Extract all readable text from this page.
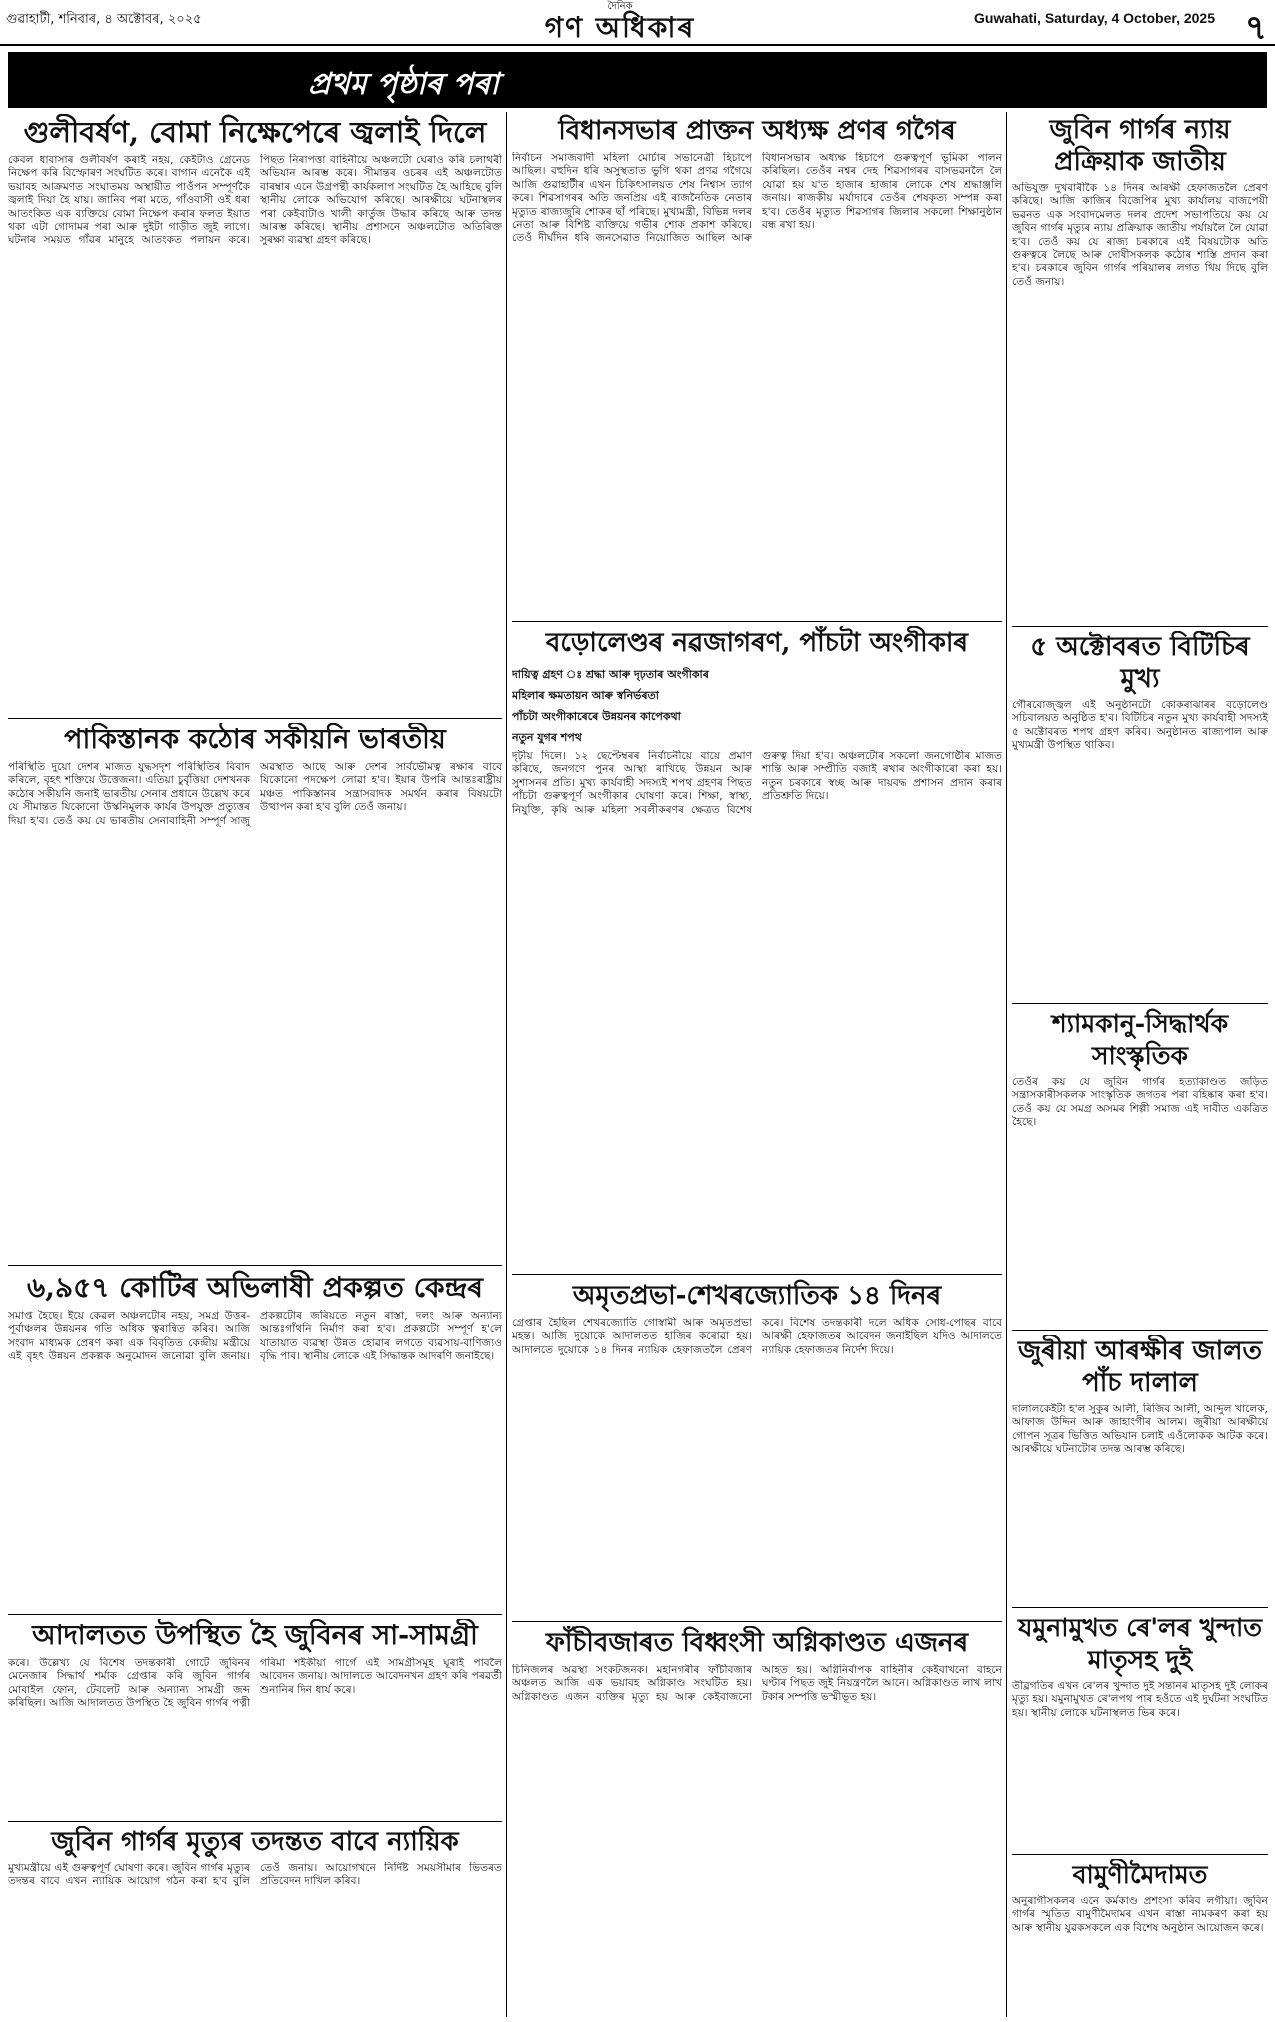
গুৱাহাটী, শনিবাৰ, ৪ অক্টোবৰ, ২০২৫
দৈনিক
গণ অধিকাৰ	Guwahati, Saturday, 4 October, 2025 ৭
প্ৰথম পৃষ্ঠাৰ পৰা
গুলীবৰ্ষণ, বোমা নিক্ষেপেৰে জ্বলাই দিলে
কেবল ধাবাসাৰ গুলীবৰ্ষণ কৰাই নহয়, কেইটাও গ্ৰেনেড নিক্ষেপ কৰি বিস্ফোৰণ সংঘটিত কৰে। বাগান এনেকৈ এই ভয়াবহ আক্ৰমণত সংঘাতময় অস্থায়ীত পাওঁপন সম্পূৰ্ণকৈ জ্বলাই দিয়া হৈ যায়। জানিব পৰা মতে, গাঁওবাসী ওই ধৰা আতংকিত এক ব্যক্তিয়ে বোমা নিক্ষেপ কৰাৰ ফলত ইয়াত থকা এটা গোদামৰ পৰা আৰু দুইটা গাড়ীত জুই লাগে। ঘটনাৰ সময়ত গাঁৱৰ মানুহে আতংকত পলায়ন কৰে। পিছত নিৰাপত্তা বাহিনীয়ে অঞ্চলটো ঘেৰাও কৰি চলাথৰী অভিযান আৰম্ভ কৰে। সীমান্তৰ ওচৰৰ এই অঞ্চলটোত বাৰম্বাৰ এনে উগ্ৰপন্থী কাৰ্যকলাপ সংঘটিত হৈ আহিছে বুলি স্থানীয় লোকে অভিযোগ কৰিছে। আৰক্ষীয়ে ঘটনাস্থলৰ পৰা কেইবাটাও খালী কাৰ্তুজ উদ্ধাৰ কৰিছে আৰু তদন্ত আৰম্ভ কৰিছে। স্থানীয় প্ৰশাসনে অঞ্চলটোত অতিৰিক্ত সুৰক্ষা ব্যৱস্থা গ্ৰহণ কৰিছে।
পাকিস্তানক কঠোৰ সকীয়নি ভাৰতীয়
পৰিস্থিতি দুয়ো দেশৰ মাজত যুদ্ধসদৃশ পৰিস্থিতিৰ বিবাদ কৰিলে, বৃহৎ শক্তিয়ে উত্তেজনা। এতিয়া চুৰ্বৃত্তিয়া দেশখনক কঠোৰ সকীয়নি জনাই ভাৰতীয় সেনাৰ প্ৰধানে উল্লেখ কৰে যে সীমান্তত যিকোনো উস্কনিমূলক কাৰ্যৰ উপযুক্ত প্ৰত্যুত্তৰ দিয়া হ'ব। তেওঁ কয় যে ভাৰতীয় সেনাবাহিনী সম্পূৰ্ণ সাজু অৱস্থাত আছে আৰু দেশৰ সাৰ্বভৌমত্ব ৰক্ষাৰ বাবে যিকোনো পদক্ষেপ লোৱা হ'ব। ইয়াৰ উপৰি আন্তঃৰাষ্ট্ৰীয় মঞ্চত পাকিস্তানৰ সন্ত্ৰাসবাদক সমৰ্থন কৰাৰ বিষয়টো উত্থাপন কৰা হ'ব বুলি তেওঁ জনায়।
৬,৯৫৭ কোটিৰ অভিলাষী প্ৰকল্পত কেন্দ্ৰৰ
সমাপ্ত হৈছে। ইয়ে কেৱল অঞ্চলটোৰ নহয়, সমগ্ৰ উত্তৰ-পূৰ্বাঞ্চলৰ উন্নয়নৰ গতি অধিক ত্বৰান্বিত কৰিব। আজি সংবাদ মাধ্যমক প্ৰেৰণ কৰা এক বিবৃতিত কেন্দ্ৰীয় মন্ত্ৰীয়ে এই বৃহৎ উন্নয়ন প্ৰকল্পক অনুমোদন জনোৱা বুলি জনায়। প্ৰকল্পটোৰ জৰিয়তে নতুন ৰাস্তা, দলং আৰু অন্যান্য আন্তঃগাঁথনি নিৰ্মাণ কৰা হ'ব। প্ৰকল্পটো সম্পূৰ্ণ হ'লে যাতায়াত ব্যৱস্থা উন্নত হোৱাৰ লগতে ব্যৱসায়-বাণিজ্যও বৃদ্ধি পাব। স্থানীয় লোকে এই সিদ্ধান্তক আদৰণি জনাইছে।
আদালতত উপস্থিত হৈ জুবিনৰ সা-সামগ্ৰী
কৰে। উল্লেখ্য যে বিশেষ তদন্তকাৰী গোটে জুবিনৰ মেনেজাৰ সিদ্ধাৰ্থ শৰ্মাক গ্ৰেপ্তাৰ কৰি জুবিন গাৰ্গৰ মোবাইল ফোন, টেবলেট আৰু অন্যান্য সামগ্ৰী জব্দ কৰিছিল। আজি আদালতত উপস্থিত হৈ জুবিন গাৰ্গৰ পত্নী গৰিমা শইকীয়া গাৰ্গে এই সামগ্ৰীসমূহ ঘূৰাই পাবলৈ আবেদন জনায়। আদালতে আবেদনখন গ্ৰহণ কৰি পৰৱৰ্তী শুনানিৰ দিন ধাৰ্য কৰে।
জুবিন গাৰ্গৰ মৃত্যুৰ তদন্তত বাবে ন্যায়িক
মুখ্যমন্ত্ৰীয়ে এই গুৰুত্বপূৰ্ণ ঘোষণা কৰে। জুবিন গাৰ্গৰ মৃত্যুৰ তদন্তৰ বাবে এখন ন্যায়িক আয়োগ গঠন কৰা হ'ব বুলি তেওঁ জনায়। আয়োগখনে নিৰ্দিষ্ট সময়সীমাৰ ভিতৰত প্ৰতিবেদন দাখিল কৰিব।
বিধানসভাৰ প্ৰাক্তন অধ্যক্ষ প্ৰণৰ গগৈৰ
নিৰ্বাচন সমাজবাদী মহিলা মোৰ্চাৰ সভানেত্ৰী হিচাপে আছিল। বহুদিন ধৰি অসুস্থতাত ভুগি থকা প্ৰণৱ গগৈয়ে আজি গুৱাহাটীৰ এখন চিকিৎসালয়ত শেষ নিশ্বাস ত্যাগ কৰে। শিৱসাগৰৰ অতি জনপ্ৰিয় এই ৰাজনৈতিক নেতাৰ মৃত্যুত ৰাজ্যজুৰি শোকৰ ছাঁ পৰিছে। মুখ্যমন্ত্ৰী, বিভিন্ন দলৰ নেতা আৰু বিশিষ্ট ব্যক্তিয়ে গভীৰ শোক প্ৰকাশ কৰিছে। তেওঁ দীৰ্ঘদিন ধৰি জনসেৱাত নিয়োজিত আছিল আৰু বিধানসভাৰ অধ্যক্ষ হিচাপে গুৰুত্বপূৰ্ণ ভূমিকা পালন কৰিছিল। তেওঁৰ নশ্বৰ দেহ শিৱসাগৰৰ বাসভৱনলৈ লৈ যোৱা হয় য'ত হাজাৰ হাজাৰ লোকে শেষ শ্ৰদ্ধাঞ্জলি জনায়। ৰাজকীয় মৰ্যাদাৰে তেওঁৰ শেষকৃত্য সম্পন্ন কৰা হ'ব। তেওঁৰ মৃত্যুত শিৱসাগৰ জিলাৰ সকলো শিক্ষানুষ্ঠান বন্ধ ৰখা হয়।
বড়োলেণ্ডৰ নৱজাগৰণ, পাঁচটা অংগীকাৰ
দায়িত্ব গ্ৰহণ ঃ শ্ৰদ্ধা আৰু দৃঢ়তাৰ অংগীকাৰ
মহিলাৰ ক্ষমতায়ন আৰু স্বনিৰ্ভৰতা
পাঁচটা অংগীকাৰেৰে উন্নয়নৰ কাপেকথা
নতুন যুগৰ শপথ
দৃঢ়ীয় দিলে। ১২ ছেপ্টেম্বৰৰ নিৰ্বাচনীয়ে বায়ে প্ৰমাণ কৰিছে, জনগণে পুনৰ আস্থা ৰাখিছে উন্নয়ন আৰু সুশাসনৰ প্ৰতি। মুখ্য কাৰ্যবাহী সদস্যই শপথ গ্ৰহণৰ পিছত পাঁচটা গুৰুত্বপূৰ্ণ অংগীকাৰ ঘোষণা কৰে। শিক্ষা, স্বাস্থ্য, নিযুক্তি, কৃষি আৰু মহিলা সবলীকৰণৰ ক্ষেত্ৰত বিশেষ গুৰুত্ব দিয়া হ'ব। অঞ্চলটোৰ সকলো জনগোষ্ঠীৰ মাজত শান্তি আৰু সম্প্ৰীতি বজাই ৰখাৰ অংগীকাৰো কৰা হয়। নতুন চৰকাৰে স্বচ্ছ আৰু দায়বদ্ধ প্ৰশাসন প্ৰদান কৰাৰ প্ৰতিশ্ৰুতি দিয়ে।
অমৃতপ্ৰভা-শেখৰজ্যোতিক ১৪ দিনৰ
গ্ৰেপ্তাৰ হৈছিল শেখৰজ্যোতি গোস্বামী আৰু অমৃতপ্ৰভা মহন্ত। আজি দুয়োকে আদালতত হাজিৰ কৰোৱা হয়। আদালতে দুয়োকে ১৪ দিনৰ ন্যায়িক হেফাজতলৈ প্ৰেৰণ কৰে। বিশেষ তদন্তকাৰী দলে অধিক সোধ-পোছৰ বাবে আৰক্ষী হেফাজতৰ আবেদন জনাইছিল যদিও আদালতে ন্যায়িক হেফাজতৰ নিৰ্দেশ দিয়ে।
ফাঁচীবজাৰত বিধ্বংসী অগ্নিকাণ্ডত এজনৰ
চিনিজলৰ অৱস্থা সংকটজনক। মহানগৰীৰ ফাঁচীবজাৰ অঞ্চলত আজি এক ভয়াবহ অগ্নিকাণ্ড সংঘটিত হয়। অগ্নিকাণ্ডত এজন ব্যক্তিৰ মৃত্যু হয় আৰু কেইবাজনো আহত হয়। অগ্নিনিৰ্বাপক বাহিনীৰ কেইবাখনো বাহনে ঘণ্টাৰ পিছত জুই নিয়ন্ত্ৰণলৈ আনে। অগ্নিকাণ্ডত লাখ লাখ টকাৰ সম্পত্তি ভস্মীভূত হয়।
জুবিন গাৰ্গৰ ন্যায় প্ৰক্ৰিয়াক জাতীয়
অভিযুক্ত দুখবাৰীকৈ ১৪ দিনৰ আৰক্ষী হেফাজতলৈ প্ৰেৰণ কৰিছে। আজি কাজিৰ বিজেপিৰ মুখ্য কাৰ্যালয় বাজপেয়ী ভৱনত এক সংবাদমেলত দলৰ প্ৰদেশ সভাপতিয়ে কয় যে জুবিন গাৰ্গৰ মৃত্যুৰ ন্যায় প্ৰক্ৰিয়াক জাতীয় পৰ্যায়লৈ লৈ যোৱা হ'ব। তেওঁ কয় যে ৰাজ্য চৰকাৰে এই বিষয়টোক অতি গুৰুত্বৰে লৈছে আৰু দোষীসকলক কঠোৰ শাস্তি প্ৰদান কৰা হ'ব। চৰকাৰে জুবিন গাৰ্গৰ পৰিয়ালৰ লগত থিয় দিছে বুলি তেওঁ জনায়।
৫ অক্টোবৰত বিটিচিৰ মুখ্য
গৌৰবোজ্জ্বল এই অনুষ্ঠানটো কোকৰাঝাৰৰ বড়োলেণ্ড সচিবালয়ত অনুষ্ঠিত হ'ব। বিটিচিৰ নতুন মুখ্য কাৰ্যবাহী সদস্যই ৫ অক্টোবৰত শপথ গ্ৰহণ কৰিব। অনুষ্ঠানত ৰাজ্যপাল আৰু মুখ্যমন্ত্ৰী উপস্থিত থাকিব।
শ্যামকানু-সিদ্ধাৰ্থক সাংস্কৃতিক
তেওঁৰ কয় যে জুবিন গাৰ্গৰ হত্যাকাণ্ডত জড়িত সন্ত্ৰাসকাৰীসকলক সাংস্কৃতিক জগতৰ পৰা বহিষ্কাৰ কৰা হ'ব। তেওঁ কয় যে সমগ্ৰ অসমৰ শিল্পী সমাজ এই দাবীত একত্ৰিত হৈছে।
জুৰীয়া আৰক্ষীৰ জালত পাঁচ দালাল
দালালকেইটা হ'ল সুকুৰ আলী, ৰিজিব আলী, আব্দুল খালেক, আফাজ উদ্দিন আৰু জাহাংগীৰ আলম। জুৰীয়া আৰক্ষীয়ে গোপন সূত্ৰৰ ভিত্তিত অভিযান চলাই এওঁলোকক আটক কৰে। আৰক্ষীয়ে ঘটনাটোৰ তদন্ত আৰম্ভ কৰিছে।
যমুনামুখত ৰে'লৰ খুন্দাত মাতৃসহ দুই
তীৱ্ৰগতিৰ এখন ৰে'লৰ খুন্দাত দুই সন্তানৰ মাতৃসহ দুই লোকৰ মৃত্যু হয়। যমুনামুখত ৰে'লপথ পাৰ হওঁতে এই দুৰ্ঘটনা সংঘটিত হয়। স্থানীয় লোকে ঘটনাস্থলত ভিৰ কৰে।
বামুণীমৈদামত
অনুৰাগীসকলৰ এনে কৰ্মকাণ্ড প্ৰশংসা কৰিব লগীয়া। জুবিন গাৰ্গৰ স্মৃতিত বামুণীমৈদামৰ এখন ৰাস্তা নামকৰণ কৰা হয় আৰু স্থানীয় যুৱকসকলে এক বিশেষ অনুষ্ঠান আয়োজন কৰে।
